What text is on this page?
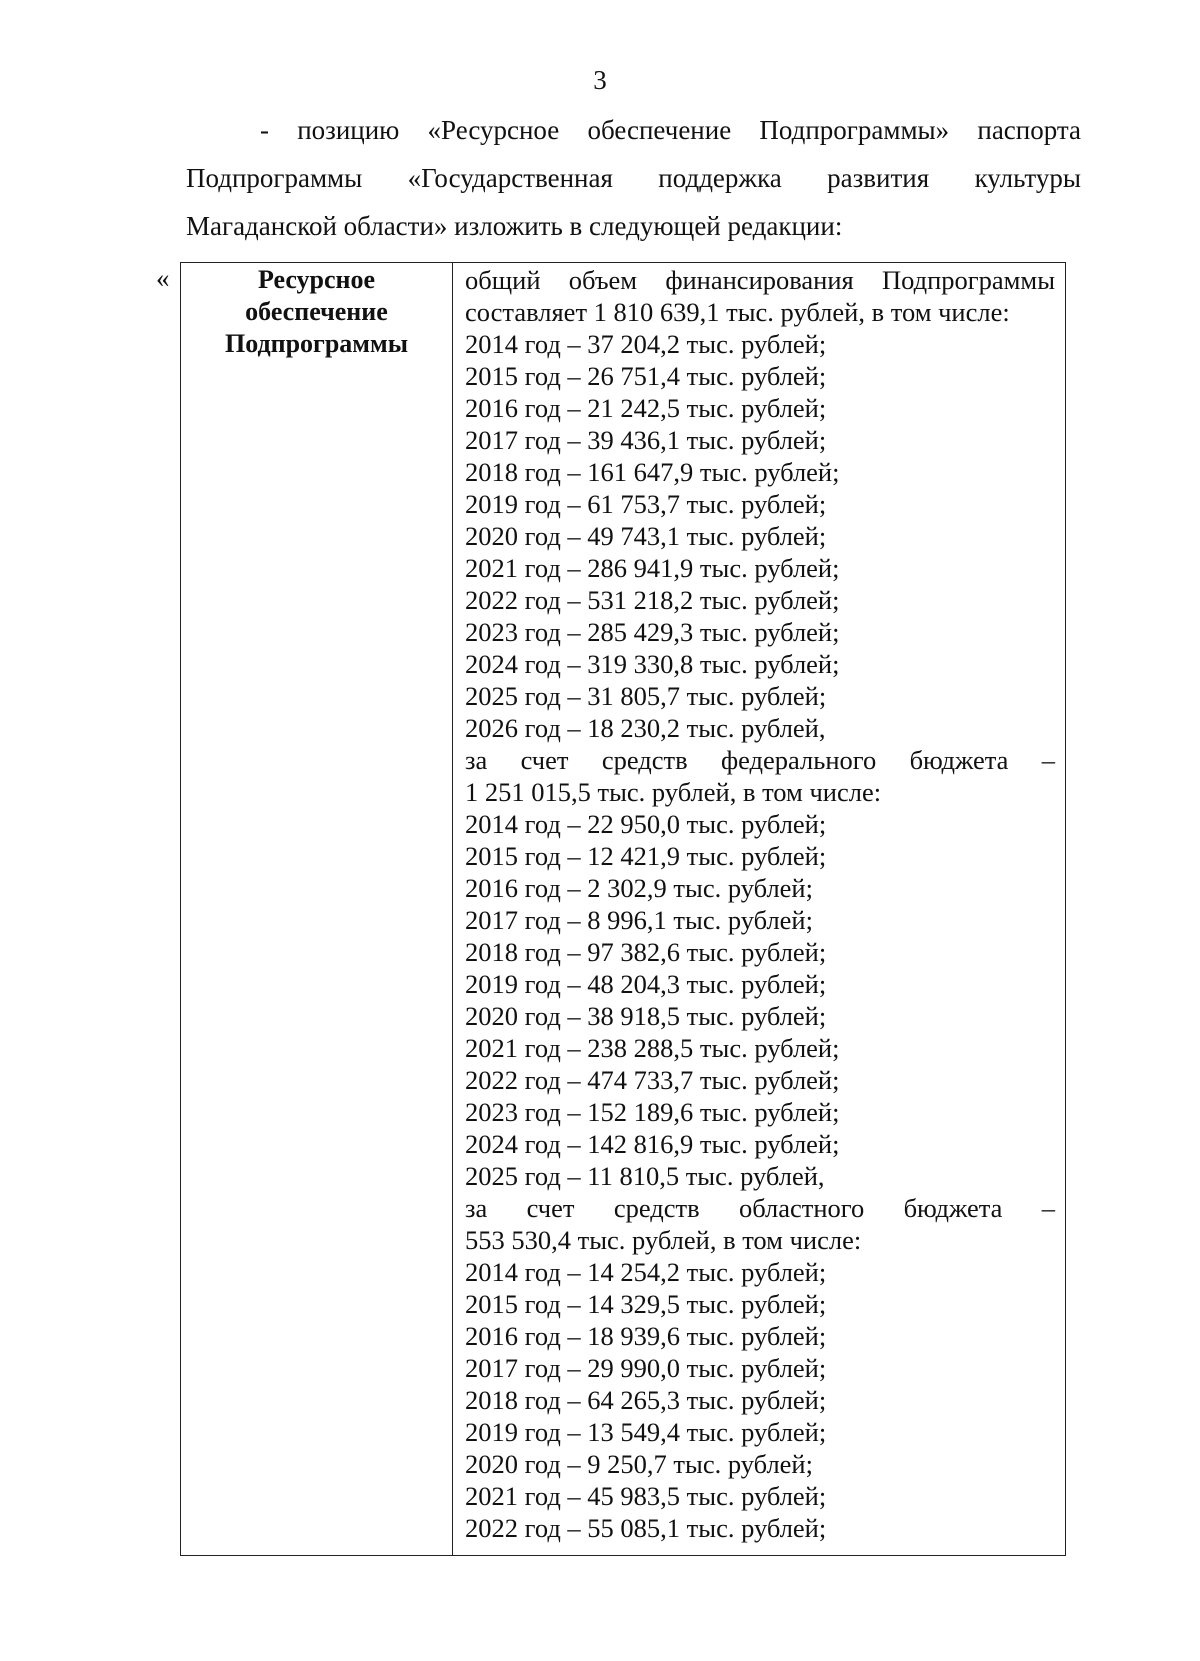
3
- позицию «Ресурсное обеспечение Подпрограммы» паспорта
Подпрограммы «Государственная поддержка развития культуры
Магаданской области» изложить в следующей редакции:
«	Ресурсное
обеспечение
Подпрограммы
общий объем финансирования Подпрограммы
составляет 1 810 639,1 тыс. рублей, в том числе:
2014 год – 37 204,2 тыс. рублей;
2015 год – 26 751,4 тыс. рублей;
2016 год – 21 242,5 тыс. рублей;
2017 год – 39 436,1 тыс. рублей;
2018 год – 161 647,9 тыс. рублей;
2019 год – 61 753,7 тыс. рублей;
2020 год – 49 743,1 тыс. рублей;
2021 год – 286 941,9 тыс. рублей;
2022 год – 531 218,2 тыс. рублей;
2023 год – 285 429,3 тыс. рублей;
2024 год – 319 330,8 тыс. рублей;
2025 год – 31 805,7 тыс. рублей;
2026 год – 18 230,2 тыс. рублей,
за счет средств федерального бюджета –
1 251 015,5 тыс. рублей, в том числе:
2014 год – 22 950,0 тыс. рублей;
2015 год – 12 421,9 тыс. рублей;
2016 год – 2 302,9 тыс. рублей;
2017 год – 8 996,1 тыс. рублей;
2018 год – 97 382,6 тыс. рублей;
2019 год – 48 204,3 тыс. рублей;
2020 год – 38 918,5 тыс. рублей;
2021 год – 238 288,5 тыс. рублей;
2022 год – 474 733,7 тыс. рублей;
2023 год – 152 189,6 тыс. рублей;
2024 год – 142 816,9 тыс. рублей;
2025 год – 11 810,5 тыс. рублей,
за счет средств областного бюджета –
553 530,4 тыс. рублей, в том числе:
2014 год – 14 254,2 тыс. рублей;
2015 год – 14 329,5 тыс. рублей;
2016 год – 18 939,6 тыс. рублей;
2017 год – 29 990,0 тыс. рублей;
2018 год – 64 265,3 тыс. рублей;
2019 год – 13 549,4 тыс. рублей;
2020 год – 9 250,7 тыс. рублей;
2021 год – 45 983,5 тыс. рублей;
2022 год – 55 085,1 тыс. рублей;
